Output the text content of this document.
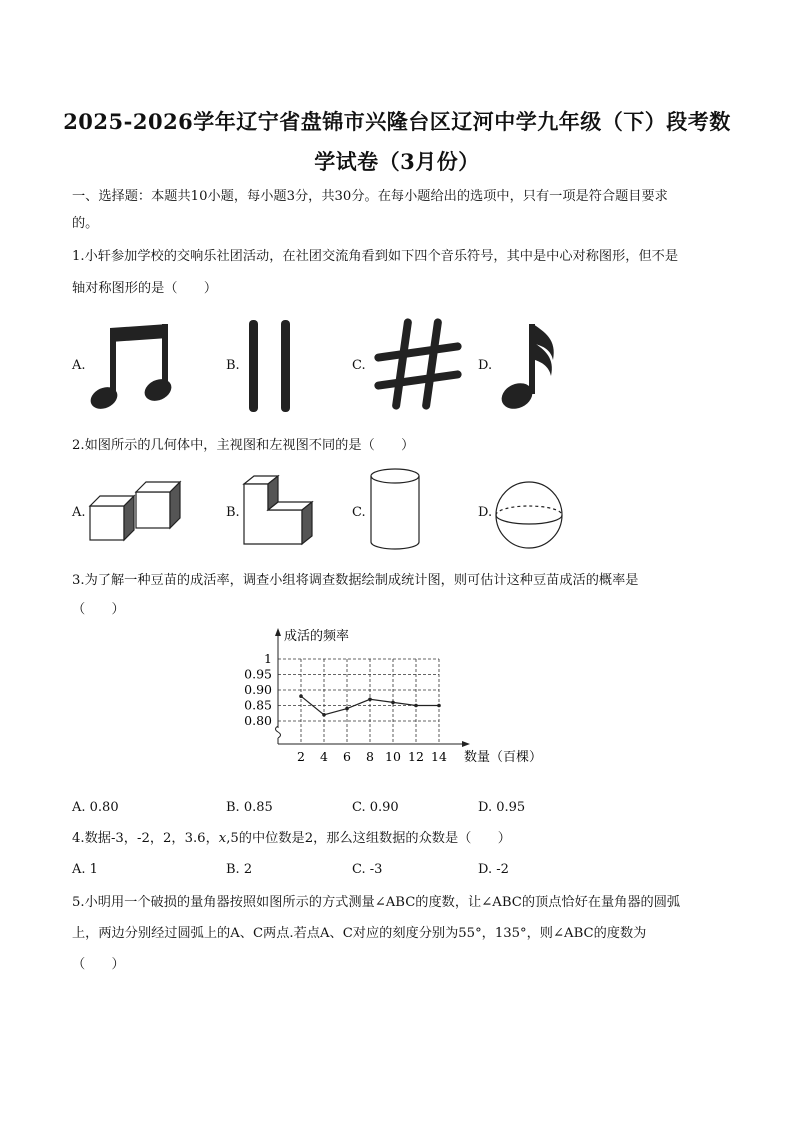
2025-2026学年辽宁省盘锦市兴隆台区辽河中学九年级（下）段考数
学试卷（3月份）
一、选择题：本题共10小题，每小题3分，共30分。在每小题给出的选项中，只有一项是符合题目要求
的。
1.小轩参加学校的交响乐社团活动，在社团交流角看到如下四个音乐符号，其中是中心对称图形，但不是
轴对称图形的是（　　）
A.	B.	C.	D.
2.如图所示的几何体中，主视图和左视图不同的是（　　）
A.	B.	C.	D.
3.为了解一种豆苗的成活率，调查小组将调查数据绘制成统计图，则可估计这种豆苗成活的概率是
（　　）
0.80
0.85
0.90
0.95
1
2 4 6 8 10 12 14
成活的频率
数量（百棵）
A. 0.80	B. 0.85	C. 0.90	D. 0.95
4.数据-3，-2，2，3.6，x,5的中位数是2，那么这组数据的众数是（　　）
A. 1	B. 2	C. -3	D. -2
5.小明用一个破损的量角器按照如图所示的方式测量∠ABC的度数，让∠ABC的顶点恰好在量角器的圆弧
上，两边分别经过圆弧上的A、C两点.若点A、C对应的刻度分别为55°，135°，则∠ABC的度数为
（　　）
